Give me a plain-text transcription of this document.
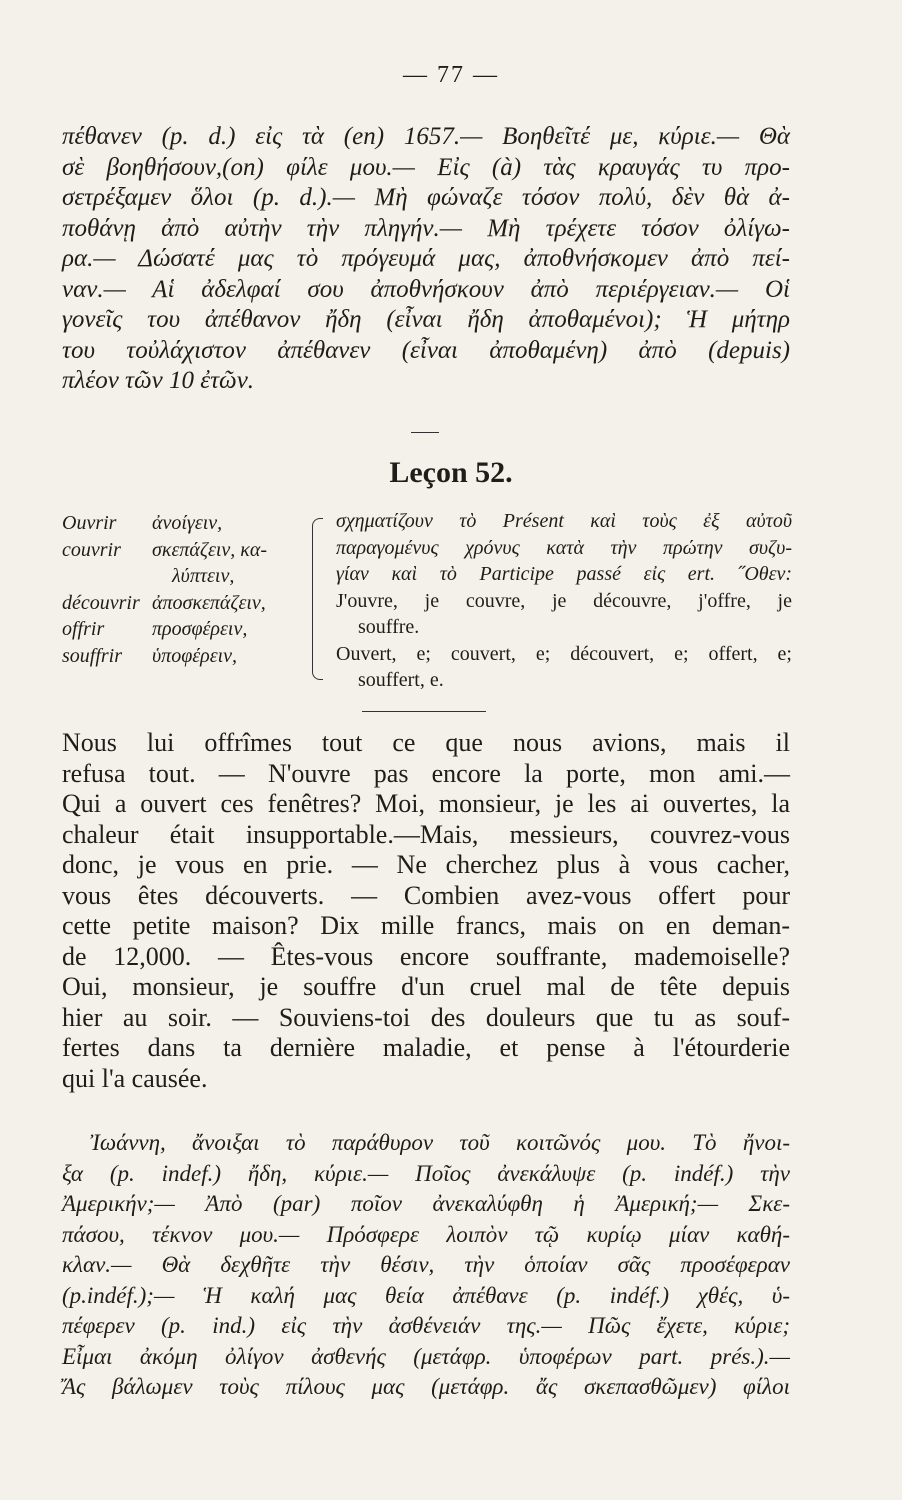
— 77 —

πέθανεν (p. d.) εἰς τὰ (en) 1657.— Βοηθεῖτέ με, κύριε.— Θὰ

σὲ βοηθήσουν,(on) φίλε μου.— Εἰς (à) τὰς κραυγάς τυ προ-

σετρέξαμεν ὅλοι (p. d.).— Μὴ φώναζε τόσον πολύ, δὲν θὰ ἀ-

ποθάνῃ ἀπὸ αὐτὴν τὴν πληγήν.— Μὴ τρέχετε τόσον ὀλίγω-

ρα.— Δώσατέ μας τὸ πρόγευμά μας, ἀποθνήσκομεν ἀπὸ πεί-

ναν.— Αἱ ἀδελφαί σου ἀποθνήσκουν ἀπὸ περιέργειαν.— Οἱ

γονεῖς του ἀπέθανον ἤδη (εἶναι ἤδη ἀποθαμένοι); Ἡ μήτηρ

του τοὐλάχιστον ἀπέθανεν (εἶναι ἀποθαμένη) ἀπὸ (depuis)

πλέον τῶν 10 ἐτῶν.

Leçon 52.
Ouvrir ἀνοίγειν,
couvrir σκεπάζειν, κα-
λύπτειν,
découvrir ἀποσκεπάζειν,
offrir προσφέρειν,
souffrir ὑποφέρειν,

σχηματίζουν τὸ Présent καὶ τοὺς ἐξ αὐτοῦ

παραγομένυς χρόνυς κατὰ τὴν πρώτην συζυ-

γίαν καὶ τὸ Participe passé εἰς ert. ˝Οθεν:

J'ouvre, je couvre, je découvre, j'offre, je

souffre.

Ouvert, e; couvert, e; découvert, e; offert, e;

souffert, e.

Nous lui offrîmes tout ce que nous avions, mais il

refusa tout. — N'ouvre pas encore la porte, mon ami.—

Qui a ouvert ces fenêtres? Moi, monsieur, je les ai ouvertes, la

chaleur était insupportable.—Mais, messieurs, couvrez-vous

donc, je vous en prie. — Ne cherchez plus à vous cacher,

vous êtes découverts. — Combien avez-vous offert pour

cette petite maison? Dix mille francs, mais on en deman-

de 12,000. — Êtes-vous encore souffrante, mademoiselle?

Oui, monsieur, je souffre d'un cruel mal de tête depuis

hier au soir. — Souviens-toi des douleurs que tu as souf-

fertes dans ta dernière maladie, et pense à l'étourderie

qui l'a causée.

Ἰωάννη, ἄνοιξαι τὸ παράθυρον τοῦ κοιτῶνός μου. Τὸ ἤνοι-

ξα (p. indef.) ἤδη, κύριε.— Ποῖος ἀνεκάλυψε (p. indéf.) τὴν

Ἀμερικήν;— Ἀπὸ (par) ποῖον ἀνεκαλύφθη ἡ Ἀμερική;— Σκε-

πάσου, τέκνον μου.— Πρόσφερε λοιπὸν τῷ κυρίῳ μίαν καθή-

κλαν.— Θὰ δεχθῆτε τὴν θέσιν, τὴν ὁποίαν σᾶς προσέφεραν

(p.indéf.);— Ἡ καλή μας θεία ἀπέθανε (p. indéf.) χθές, ὑ-

πέφερεν (p. ind.) εἰς τὴν ἀσθένειάν της.— Πῶς ἔχετε, κύριε;

Εἶμαι ἀκόμη ὀλίγον ἀσθενής (μετάφρ. ὑποφέρων part. prés.).—

Ἄς βάλωμεν τοὺς πίλους μας (μετάφρ. ἄς σκεπασθῶμεν) φίλοι
